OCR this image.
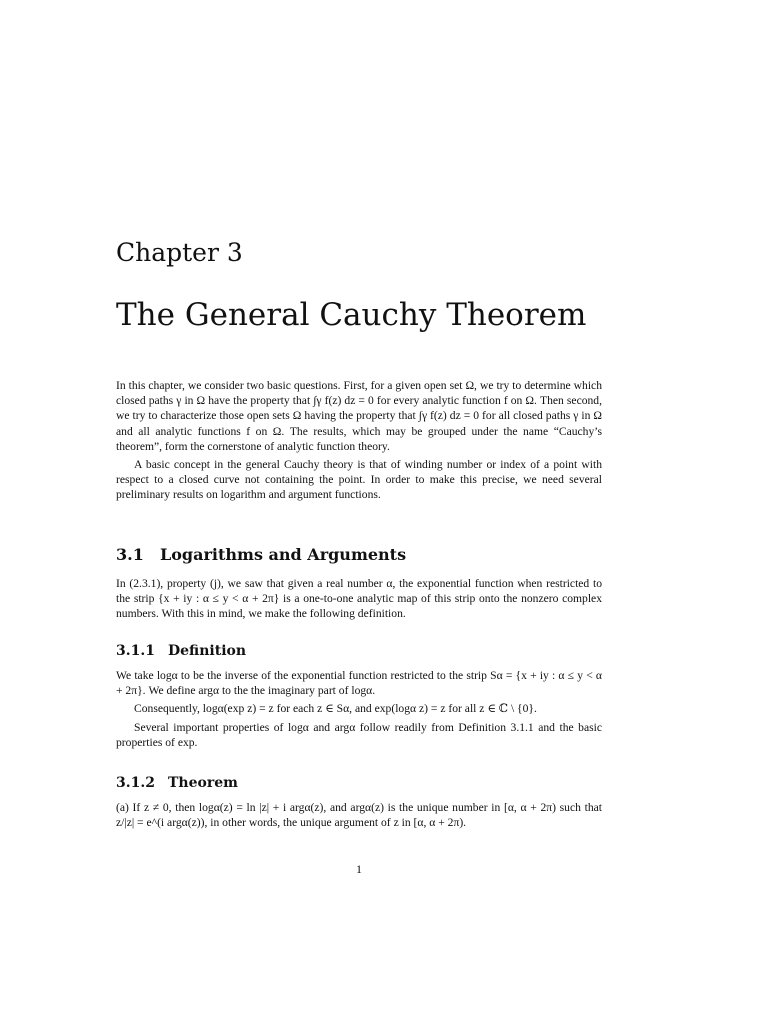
Chapter 3
The General Cauchy Theorem

In this chapter, we consider two basic questions. First, for a given open set Ω, we try to determine which closed paths γ in Ω have the property that ∫γ f(z) dz = 0 for every analytic function f on Ω. Then second, we try to characterize those open sets Ω having the property that ∫γ f(z) dz = 0 for all closed paths γ in Ω and all analytic functions f on Ω. The results, which may be grouped under the name “Cauchy’s theorem”, form the cornerstone of analytic function theory.

A basic concept in the general Cauchy theory is that of winding number or index of a point with respect to a closed curve not containing the point. In order to make this precise, we need several preliminary results on logarithm and argument functions.

3.1 Logarithms and Arguments

In (2.3.1), property (j), we saw that given a real number α, the exponential function when restricted to the strip {x + iy : α ≤ y < α + 2π} is a one-to-one analytic map of this strip onto the nonzero complex numbers. With this in mind, we make the following definition.

3.1.1 Definition

We take logα to be the inverse of the exponential function restricted to the strip Sα = {x + iy : α ≤ y < α + 2π}. We define argα to the the imaginary part of logα.

Consequently, logα(exp z) = z for each z ∈ Sα, and exp(logα z) = z for all z ∈ ℂ \ {0}.

Several important properties of logα and argα follow readily from Definition 3.1.1 and the basic properties of exp.

3.1.2 Theorem

(a) If z ≠ 0, then logα(z) = ln |z| + i argα(z), and argα(z) is the unique number in [α, α + 2π) such that z/|z| = e^(i argα(z)), in other words, the unique argument of z in [α, α + 2π).

1
